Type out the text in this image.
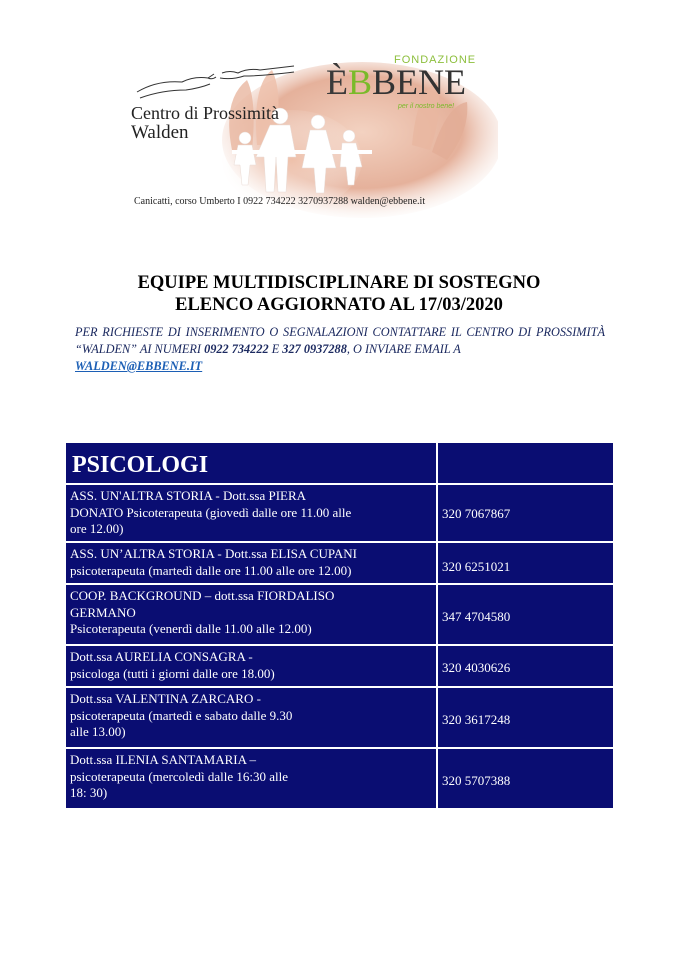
Centro di Prossimità
Walden
FONDAZIONE
ÈBBENE
per il nostro bene!
Canicattì, corso Umberto I 0922 734222 3270937288 walden@ebbene.it
EQUIPE MULTIDISCIPLINARE DI SOSTEGNO
ELENCO AGGIORNATO AL 17/03/2020
PER RICHIESTE DI INSERIMENTO O SEGNALAZIONI CONTATTARE IL CENTRO DI PROSSIMITÀ “WALDEN” AI NUMERI 0922 734222 E 327 0937288, O INVIARE EMAIL A
WALDEN@EBBENE.IT
PSICOLOGI
ASS. UN'ALTRA STORIA - Dott.ssa PIERA
DONATO Psicoterapeuta (giovedì dalle ore 11.00 alle
ore 12.00)
320 7067867
ASS. UN’ALTRA STORIA - Dott.ssa ELISA CUPANI
psicoterapeuta (martedì dalle ore 11.00 alle ore 12.00)	320 6251021
COOP. BACKGROUND – dott.ssa FIORDALISO
GERMANO
Psicoterapeuta (venerdì dalle 11.00 alle 12.00)
347 4704580
Dott.ssa AURELIA CONSAGRA -
psicologa (tutti i giorni dalle ore 18.00)	320 4030626
Dott.ssa VALENTINA ZARCARO -
psicoterapeuta (martedì e sabato dalle 9.30
alle 13.00)
320 3617248
Dott.ssa ILENIA SANTAMARIA –
psicoterapeuta (mercoledì dalle 16:30 alle
18: 30)
320 5707388
